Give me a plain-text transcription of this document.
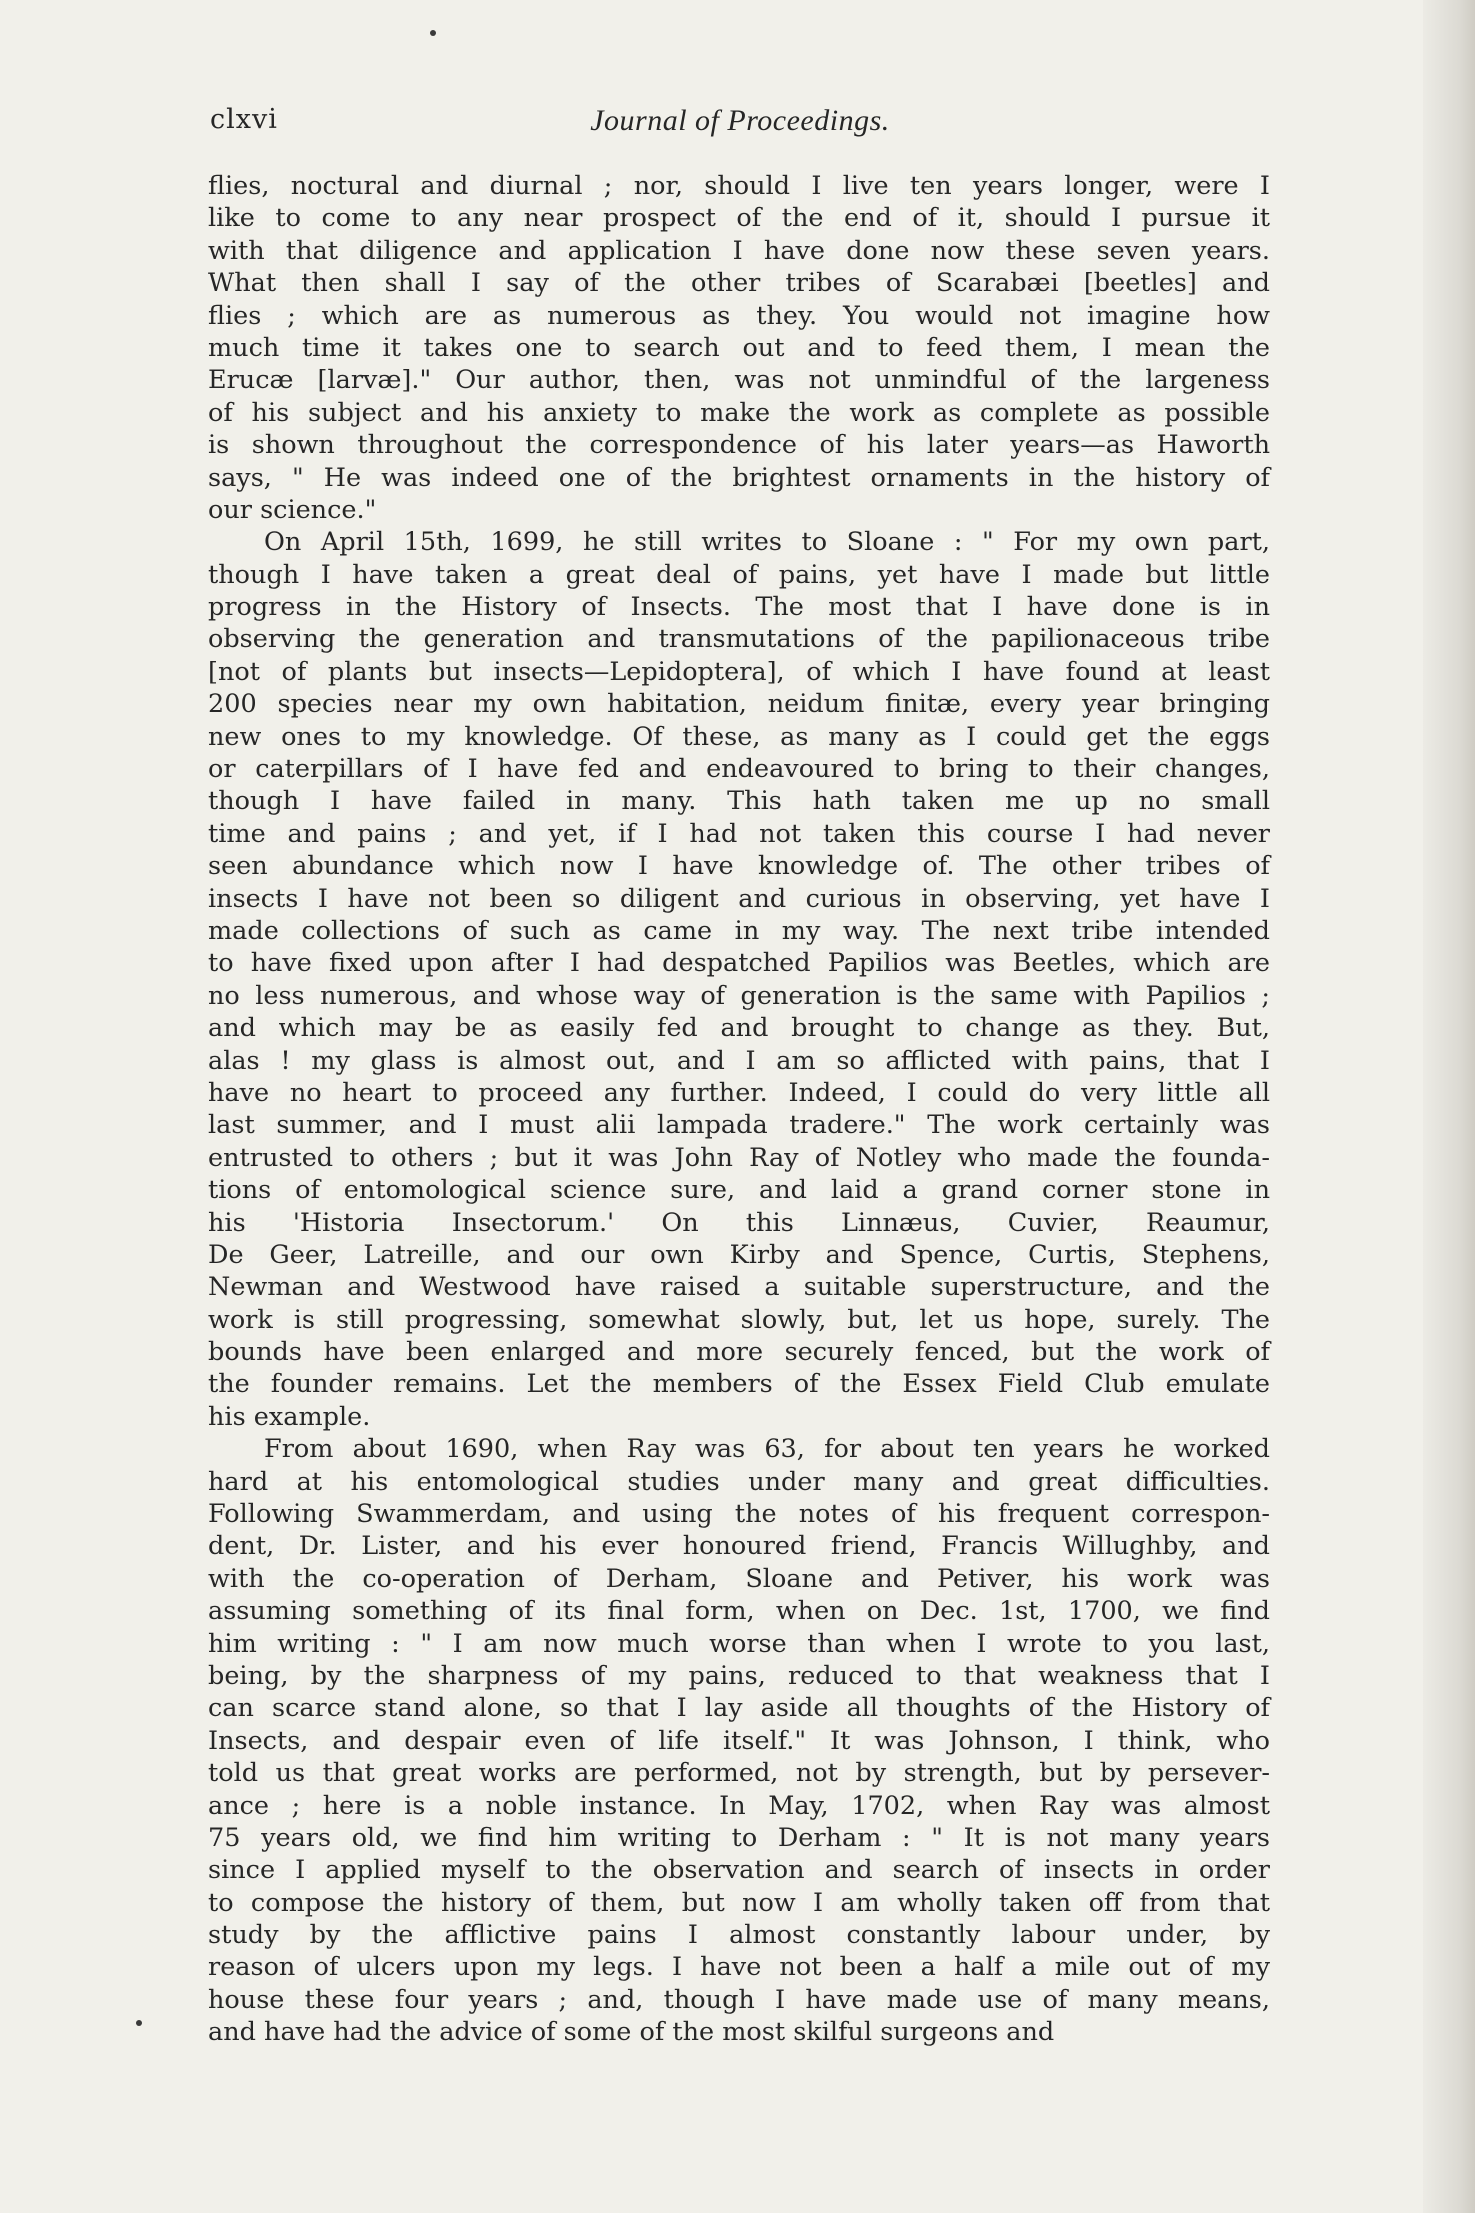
clxvi	Journal of Proceedings.
flies, noctural and diurnal ; nor, should I live ten years longer, were I
like to come to any near prospect of the end of it, should I pursue it
with that diligence and application I have done now these seven years.
What then shall I say of the other tribes of Scarabæi [beetles] and
flies ; which are as numerous as they. You would not imagine how
much time it takes one to search out and to feed them, I mean the
Erucæ [larvæ]." Our author, then, was not unmindful of the largeness
of his subject and his anxiety to make the work as complete as possible
is shown throughout the correspondence of his later years—as Haworth
says, " He was indeed one of the brightest ornaments in the history of
our science."
On April 15th, 1699, he still writes to Sloane : " For my own part,
though I have taken a great deal of pains, yet have I made but little
progress in the History of Insects. The most that I have done is in
observing the generation and transmutations of the papilionaceous tribe
[not of plants but insects—Lepidoptera], of which I have found at least
200 species near my own habitation, neidum finitæ, every year bringing
new ones to my knowledge. Of these, as many as I could get the eggs
or caterpillars of I have fed and endeavoured to bring to their changes,
though I have failed in many. This hath taken me up no small
time and pains ; and yet, if I had not taken this course I had never
seen abundance which now I have knowledge of. The other tribes of
insects I have not been so diligent and curious in observing, yet have I
made collections of such as came in my way. The next tribe intended
to have fixed upon after I had despatched Papilios was Beetles, which are
no less numerous, and whose way of generation is the same with Papilios ;
and which may be as easily fed and brought to change as they. But,
alas ! my glass is almost out, and I am so afflicted with pains, that I
have no heart to proceed any further. Indeed, I could do very little all
last summer, and I must alii lampada tradere." The work certainly was
entrusted to others ; but it was John Ray of Notley who made the founda-
tions of entomological science sure, and laid a grand corner stone in
his 'Historia Insectorum.' On this Linnæus, Cuvier, Reaumur,
De Geer, Latreille, and our own Kirby and Spence, Curtis, Stephens,
Newman and Westwood have raised a suitable superstructure, and the
work is still progressing, somewhat slowly, but, let us hope, surely. The
bounds have been enlarged and more securely fenced, but the work of
the founder remains. Let the members of the Essex Field Club emulate
his example.
From about 1690, when Ray was 63, for about ten years he worked
hard at his entomological studies under many and great difficulties.
Following Swammerdam, and using the notes of his frequent correspon-
dent, Dr. Lister, and his ever honoured friend, Francis Willughby, and
with the co-operation of Derham, Sloane and Petiver, his work was
assuming something of its final form, when on Dec. 1st, 1700, we find
him writing : " I am now much worse than when I wrote to you last,
being, by the sharpness of my pains, reduced to that weakness that I
can scarce stand alone, so that I lay aside all thoughts of the History of
Insects, and despair even of life itself." It was Johnson, I think, who
told us that great works are performed, not by strength, but by persever-
ance ; here is a noble instance. In May, 1702, when Ray was almost
75 years old, we find him writing to Derham : " It is not many years
since I applied myself to the observation and search of insects in order
to compose the history of them, but now I am wholly taken off from that
study by the afflictive pains I almost constantly labour under, by
reason of ulcers upon my legs. I have not been a half a mile out of my
house these four years ; and, though I have made use of many means,
and have had the advice of some of the most skilful surgeons and
